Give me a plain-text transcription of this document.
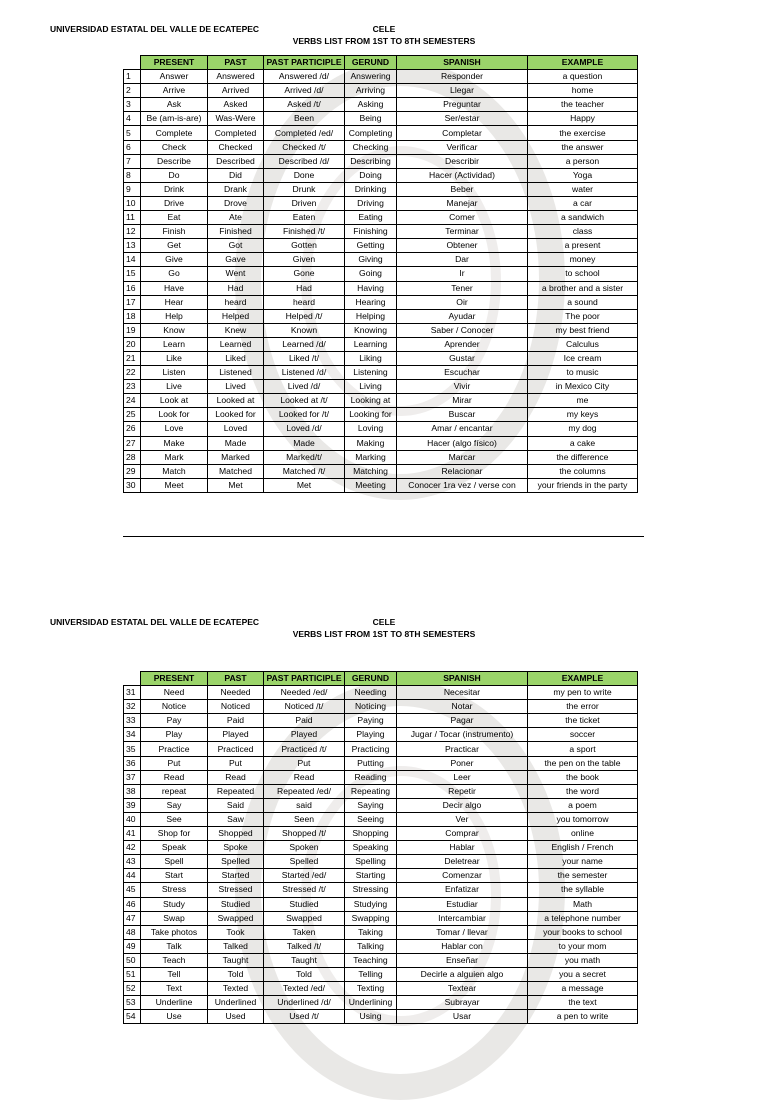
UNIVERSIDAD ESTATAL DEL VALLE DE ECATEPEC	CELE
VERBS LIST FROM 1ST TO 8TH SEMESTERS
	PRESENT	PAST	PAST PARTICIPLE	GERUND	SPANISH	EXAMPLE
1	Answer	Answered	Answered /d/	Answering	Responder	a question
2	Arrive	Arrived	Arrived /d/	Arriving	Llegar	home
3	Ask	Asked	Asked /t/	Asking	Preguntar	the teacher
4	Be (am-is-are)	Was-Were	Been	Being	Ser/estar	Happy
5	Complete	Completed	Completed /ed/	Completing	Completar	the exercise
6	Check	Checked	Checked /t/	Checking	Verificar	the answer
7	Describe	Described	Described /d/	Describing	Describir	a person
8	Do	Did	Done	Doing	Hacer (Actividad)	Yoga
9	Drink	Drank	Drunk	Drinking	Beber	water
10	Drive	Drove	Driven	Driving	Manejar	a car
11	Eat	Ate	Eaten	Eating	Comer	a sandwich
12	Finish	Finished	Finished /t/	Finishing	Terminar	class
13	Get	Got	Gotten	Getting	Obtener	a present
14	Give	Gave	Given	Giving	Dar	money
15	Go	Went	Gone	Going	Ir	to school
16	Have	Had	Had	Having	Tener	a brother and a sister
17	Hear	heard	heard	Hearing	Oir	a sound
18	Help	Helped	Helped /t/	Helping	Ayudar	The poor
19	Know	Knew	Known	Knowing	Saber / Conocer	my best friend
20	Learn	Learned	Learned /d/	Learning	Aprender	Calculus
21	Like	Liked	Liked /t/	Liking	Gustar	Ice cream
22	Listen	Listened	Listened /d/	Listening	Escuchar	to music
23	Live	Lived	Lived /d/	Living	Vivir	in Mexico City
24	Look at	Looked at	Looked at /t/	Looking at	Mirar	me
25	Look for	Looked for	Looked for /t/	Looking for	Buscar	my keys
26	Love	Loved	Loved /d/	Loving	Amar / encantar	my dog
27	Make	Made	Made	Making	Hacer (algo físico)	a cake
28	Mark	Marked	Marked/t/	Marking	Marcar	the difference
29	Match	Matched	Matched /t/	Matching	Relacionar	the columns
30	Meet	Met	Met	Meeting	Conocer 1ra vez / verse con	your friends in the party
UNIVERSIDAD ESTATAL DEL VALLE DE ECATEPEC	CELE
VERBS LIST FROM 1ST TO 8TH SEMESTERS
	PRESENT	PAST	PAST PARTICIPLE	GERUND	SPANISH	EXAMPLE
31	Need	Needed	Needed /ed/	Needing	Necesitar	my pen to write
32	Notice	Noticed	Noticed /t/	Noticing	Notar	the error
33	Pay	Paid	Paid	Paying	Pagar	the ticket
34	Play	Played	Played	Playing	Jugar / Tocar (instrumento)	soccer
35	Practice	Practiced	Practiced /t/	Practicing	Practicar	a sport
36	Put	Put	Put	Putting	Poner	the pen on the table
37	Read	Read	Read	Reading	Leer	the book
38	repeat	Repeated	Repeated /ed/	Repeating	Repetir	the word
39	Say	Said	said	Saying	Decir algo	a poem
40	See	Saw	Seen	Seeing	Ver	you tomorrow
41	Shop for	Shopped	Shopped /t/	Shopping	Comprar	online
42	Speak	Spoke	Spoken	Speaking	Hablar	English / French
43	Spell	Spelled	Spelled	Spelling	Deletrear	your name
44	Start	Started	Started /ed/	Starting	Comenzar	the semester
45	Stress	Stressed	Stressed /t/	Stressing	Enfatizar	the syllable
46	Study	Studied	Studied	Studying	Estudiar	Math
47	Swap	Swapped	Swapped	Swapping	Intercambiar	a telephone number
48	Take photos	Took	Taken	Taking	Tomar / llevar	your books to school
49	Talk	Talked	Talked /t/	Talking	Hablar con	to your mom
50	Teach	Taught	Taught	Teaching	Enseñar	you math
51	Tell	Told	Told	Telling	Decirle a alguien algo	you a secret
52	Text	Texted	Texted /ed/	Texting	Textear	a message
53	Underline	Underlined	Underlined /d/	Underlining	Subrayar	the text
54	Use	Used	Used /t/	Using	Usar	a pen to write
